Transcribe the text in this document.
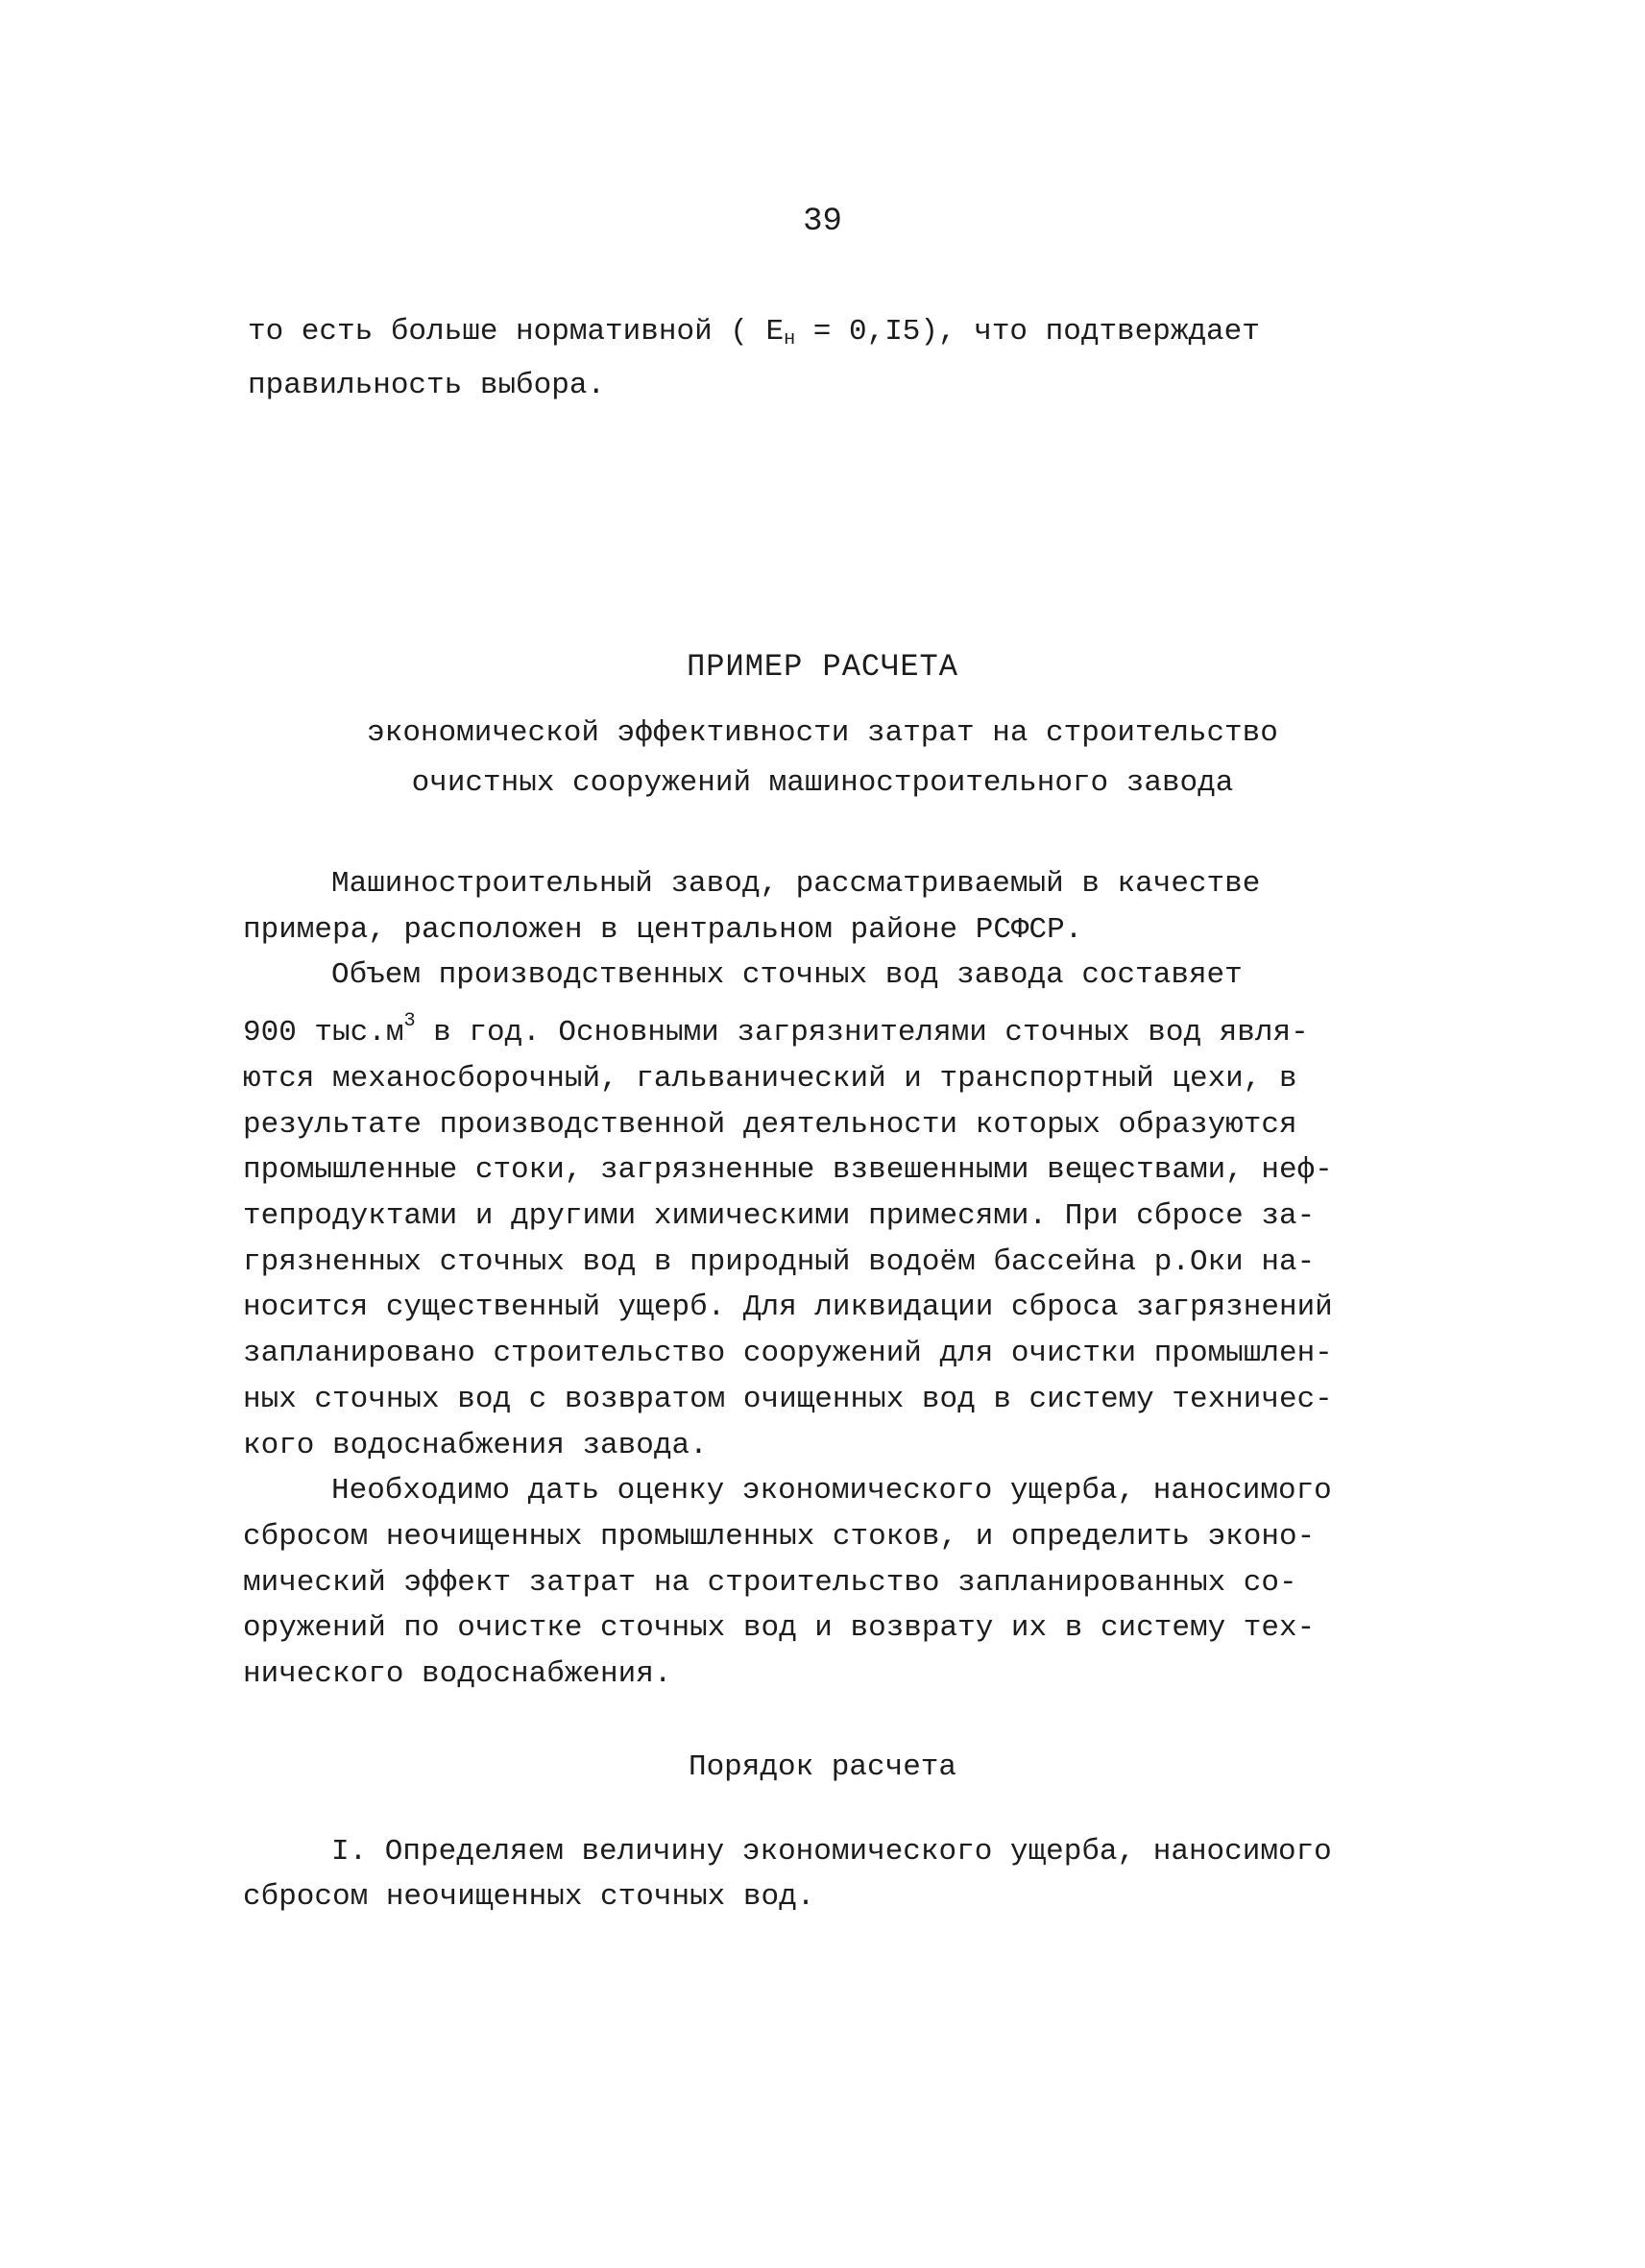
39
то есть больше нормативной ( $Е_н = 0,I5$), что подтверждает
правильность выбора.
ПРИМЕР РАСЧЕТА
экономической эффективности затрат на строительство
очистных сооружений машиностроительного завода
Машиностроительный завод, рассматриваемый в качестве
примера, расположен в центральном районе РСФСР.
Объем производственных сточных вод завода составяет
900 $тыс.м^3$ в год. Основными загрязнителями сточных вод явля-
ются механосборочный, гальванический и транспортный цехи, в
результате производственной деятельности которых образуются
промышленные стоки, загрязненные взвешенными веществами, неф-
тепродуктами и другими химическими примесями. При сбросе за-
грязненных сточных вод в природный водоём бассейна р.Оки на-
носится существенный ущерб. Для ликвидации сброса загрязнений
запланировано строительство сооружений для очистки промышлен-
ных сточных вод с возвратом очищенных вод в систему техничес-
кого водоснабжения завода.
Необходимо дать оценку экономического ущерба, наносимого
сбросом неочищенных промышленных стоков, и определить эконо-
мический эффект затрат на строительство запланированных со-
оружений по очистке сточных вод и возврату их в систему тех-
нического водоснабжения.
Порядок расчета
I. Определяем величину экономического ущерба, наносимого
сбросом неочищенных сточных вод.
